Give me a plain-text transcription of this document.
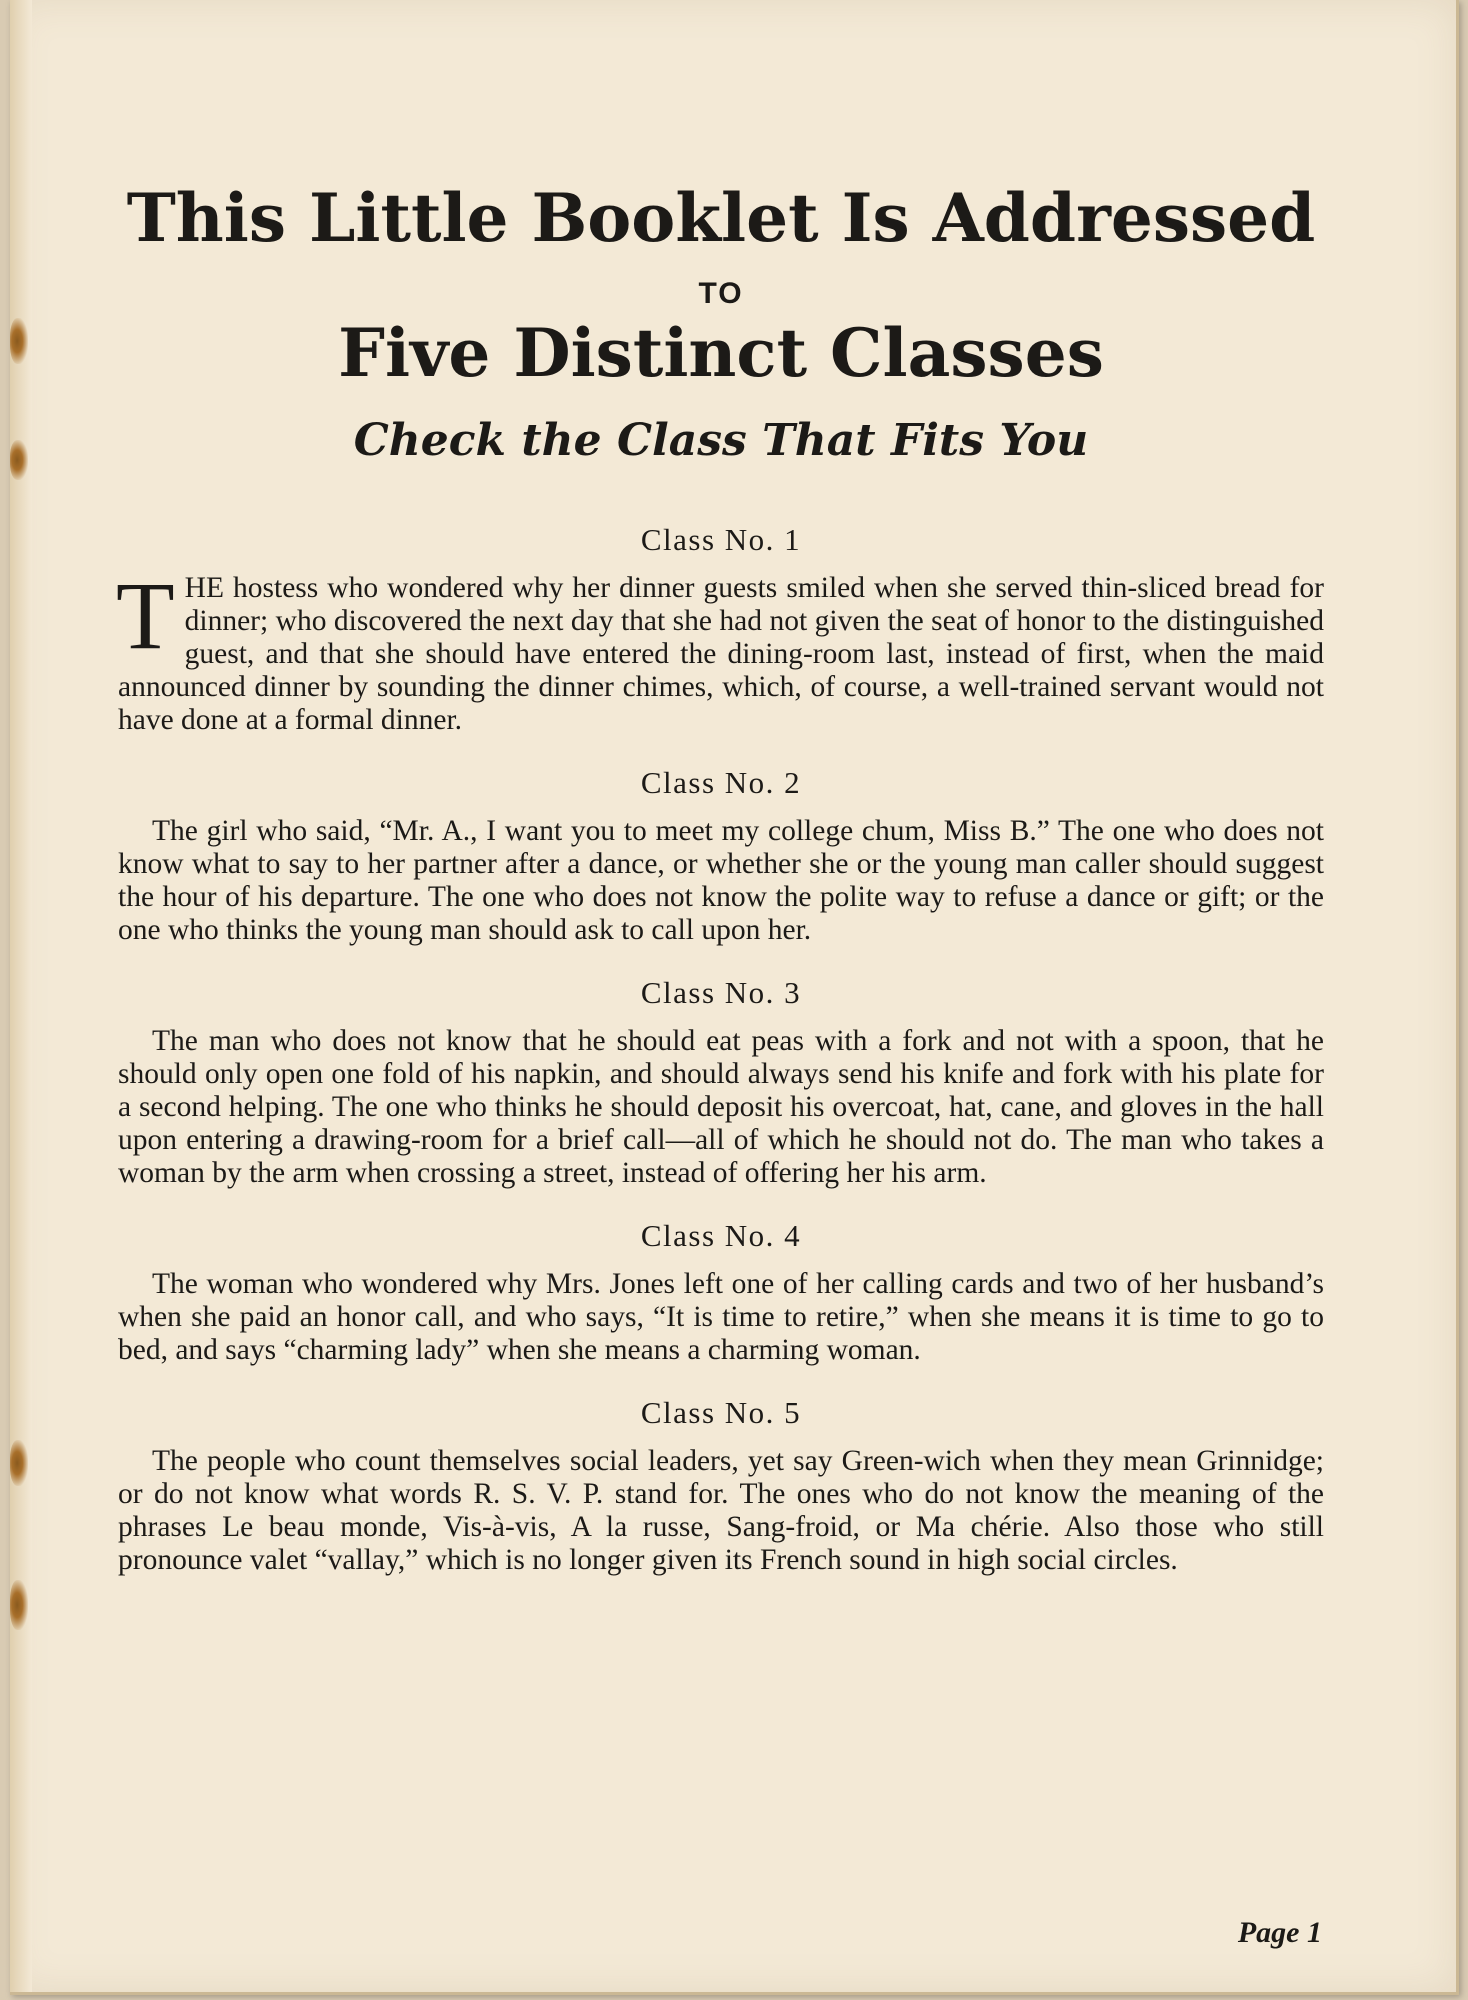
This Little Booklet Is Addressed
TO
Five Distinct Classes
Check the Class That Fits You
Class No. 1

THE hostess who wondered why her dinner guests smiled when she served thin-sliced bread for dinner; who discovered the next day that she had not given the seat of honor to the distinguished guest, and that she should have entered the dining-room last, instead of first, when the maid announced dinner by sounding the dinner chimes, which, of course, a well-trained servant would not have done at a formal dinner.

Class No. 2

The girl who said, “Mr. A., I want you to meet my college chum, Miss B.” The one who does not know what to say to her partner after a dance, or whether she or the young man caller should suggest the hour of his departure. The one who does not know the polite way to refuse a dance or gift; or the one who thinks the young man should ask to call upon her.

Class No. 3

The man who does not know that he should eat peas with a fork and not with a spoon, that he should only open one fold of his napkin, and should always send his knife and fork with his plate for a second helping. The one who thinks he should deposit his overcoat, hat, cane, and gloves in the hall upon entering a drawing-room for a brief call—all of which he should not do. The man who takes a woman by the arm when crossing a street, instead of offering her his arm.

Class No. 4

The woman who wondered why Mrs. Jones left one of her calling cards and two of her husband’s when she paid an honor call, and who says, “It is time to retire,” when she means it is time to go to bed, and says “charming lady” when she means a charming woman.

Class No. 5

The people who count themselves social leaders, yet say Green-wich when they mean Grinnidge; or do not know what words R. S. V. P. stand for. The ones who do not know the meaning of the phrases Le beau monde, Vis-à-vis, A la russe, Sang-froid, or Ma chérie. Also those who still pronounce valet “vallay,” which is no longer given its French sound in high social circles.

Page 1
